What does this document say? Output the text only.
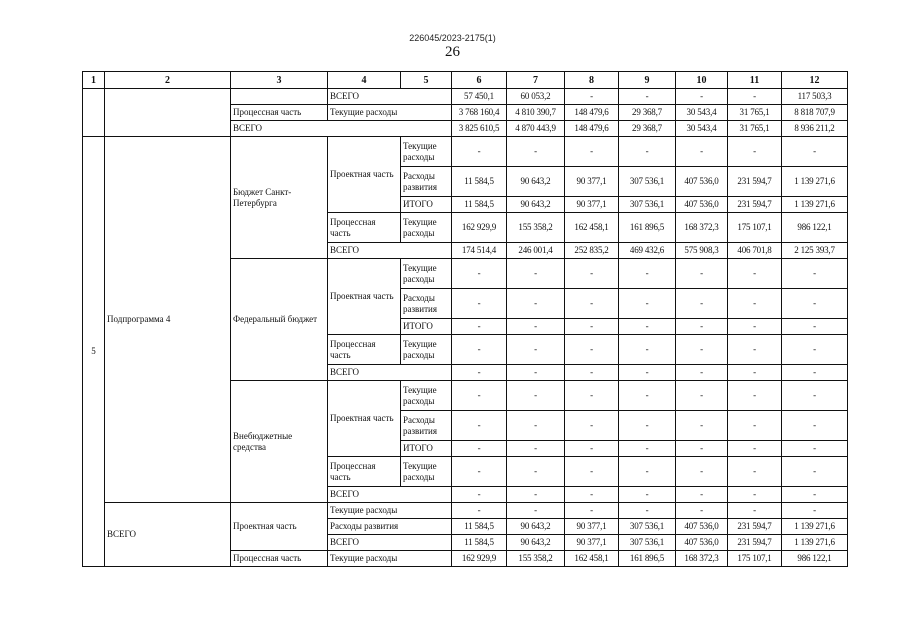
226045/2023-2175(1)
26
1	2	3	4	5	6	7	8	9	10	11	12
			ВСЕГО		57 450,1	60 053,2	-	-	-	-	117 503,3
		Процессная часть	Текущие расходы		3 768 160,4	4 810 390,7	148 479,6	29 368,7	30 543,4	31 765,1	8 818 707,9
		ВСЕГО			3 825 610,5	4 870 443,9	148 479,6	29 368,7	30 543,4	31 765,1	8 936 211,2
5	Подпрограмма 4	Бюджет Санкт-Петербурга	Проектная часть	Текущие расходы	-	-	-	-	-	-	-
				Расходы развития	11 584,5	90 643,2	90 377,1	307 536,1	407 536,0	231 594,7	1 139 271,6
				ИТОГО	11 584,5	90 643,2	90 377,1	307 536,1	407 536,0	231 594,7	1 139 271,6
			Процессная часть	Текущие расходы	162 929,9	155 358,2	162 458,1	161 896,5	168 372,3	175 107,1	986 122,1
			ВСЕГО		174 514,4	246 001,4	252 835,2	469 432,6	575 908,3	406 701,8	2 125 393,7
		Федеральный бюджет	Проектная часть	Текущие расходы	-	-	-	-	-	-	-
				Расходы развития	-	-	-	-	-	-	-
				ИТОГО	-	-	-	-	-	-	-
			Процессная часть	Текущие расходы	-	-	-	-	-	-	-
			ВСЕГО		-	-	-	-	-	-	-
		Внебюджетные средства	Проектная часть	Текущие расходы	-	-	-	-	-	-	-
				Расходы развития	-	-	-	-	-	-	-
				ИТОГО	-	-	-	-	-	-	-
			Процессная часть	Текущие расходы	-	-	-	-	-	-	-
			ВСЕГО		-	-	-	-	-	-	-
	ВСЕГО	Проектная часть	Текущие расходы		-	-	-	-	-	-	-
			Расходы развития		11 584,5	90 643,2	90 377,1	307 536,1	407 536,0	231 594,7	1 139 271,6
			ВСЕГО		11 584,5	90 643,2	90 377,1	307 536,1	407 536,0	231 594,7	1 139 271,6
		Процессная часть	Текущие расходы		162 929,9	155 358,2	162 458,1	161 896,5	168 372,3	175 107,1	986 122,1
